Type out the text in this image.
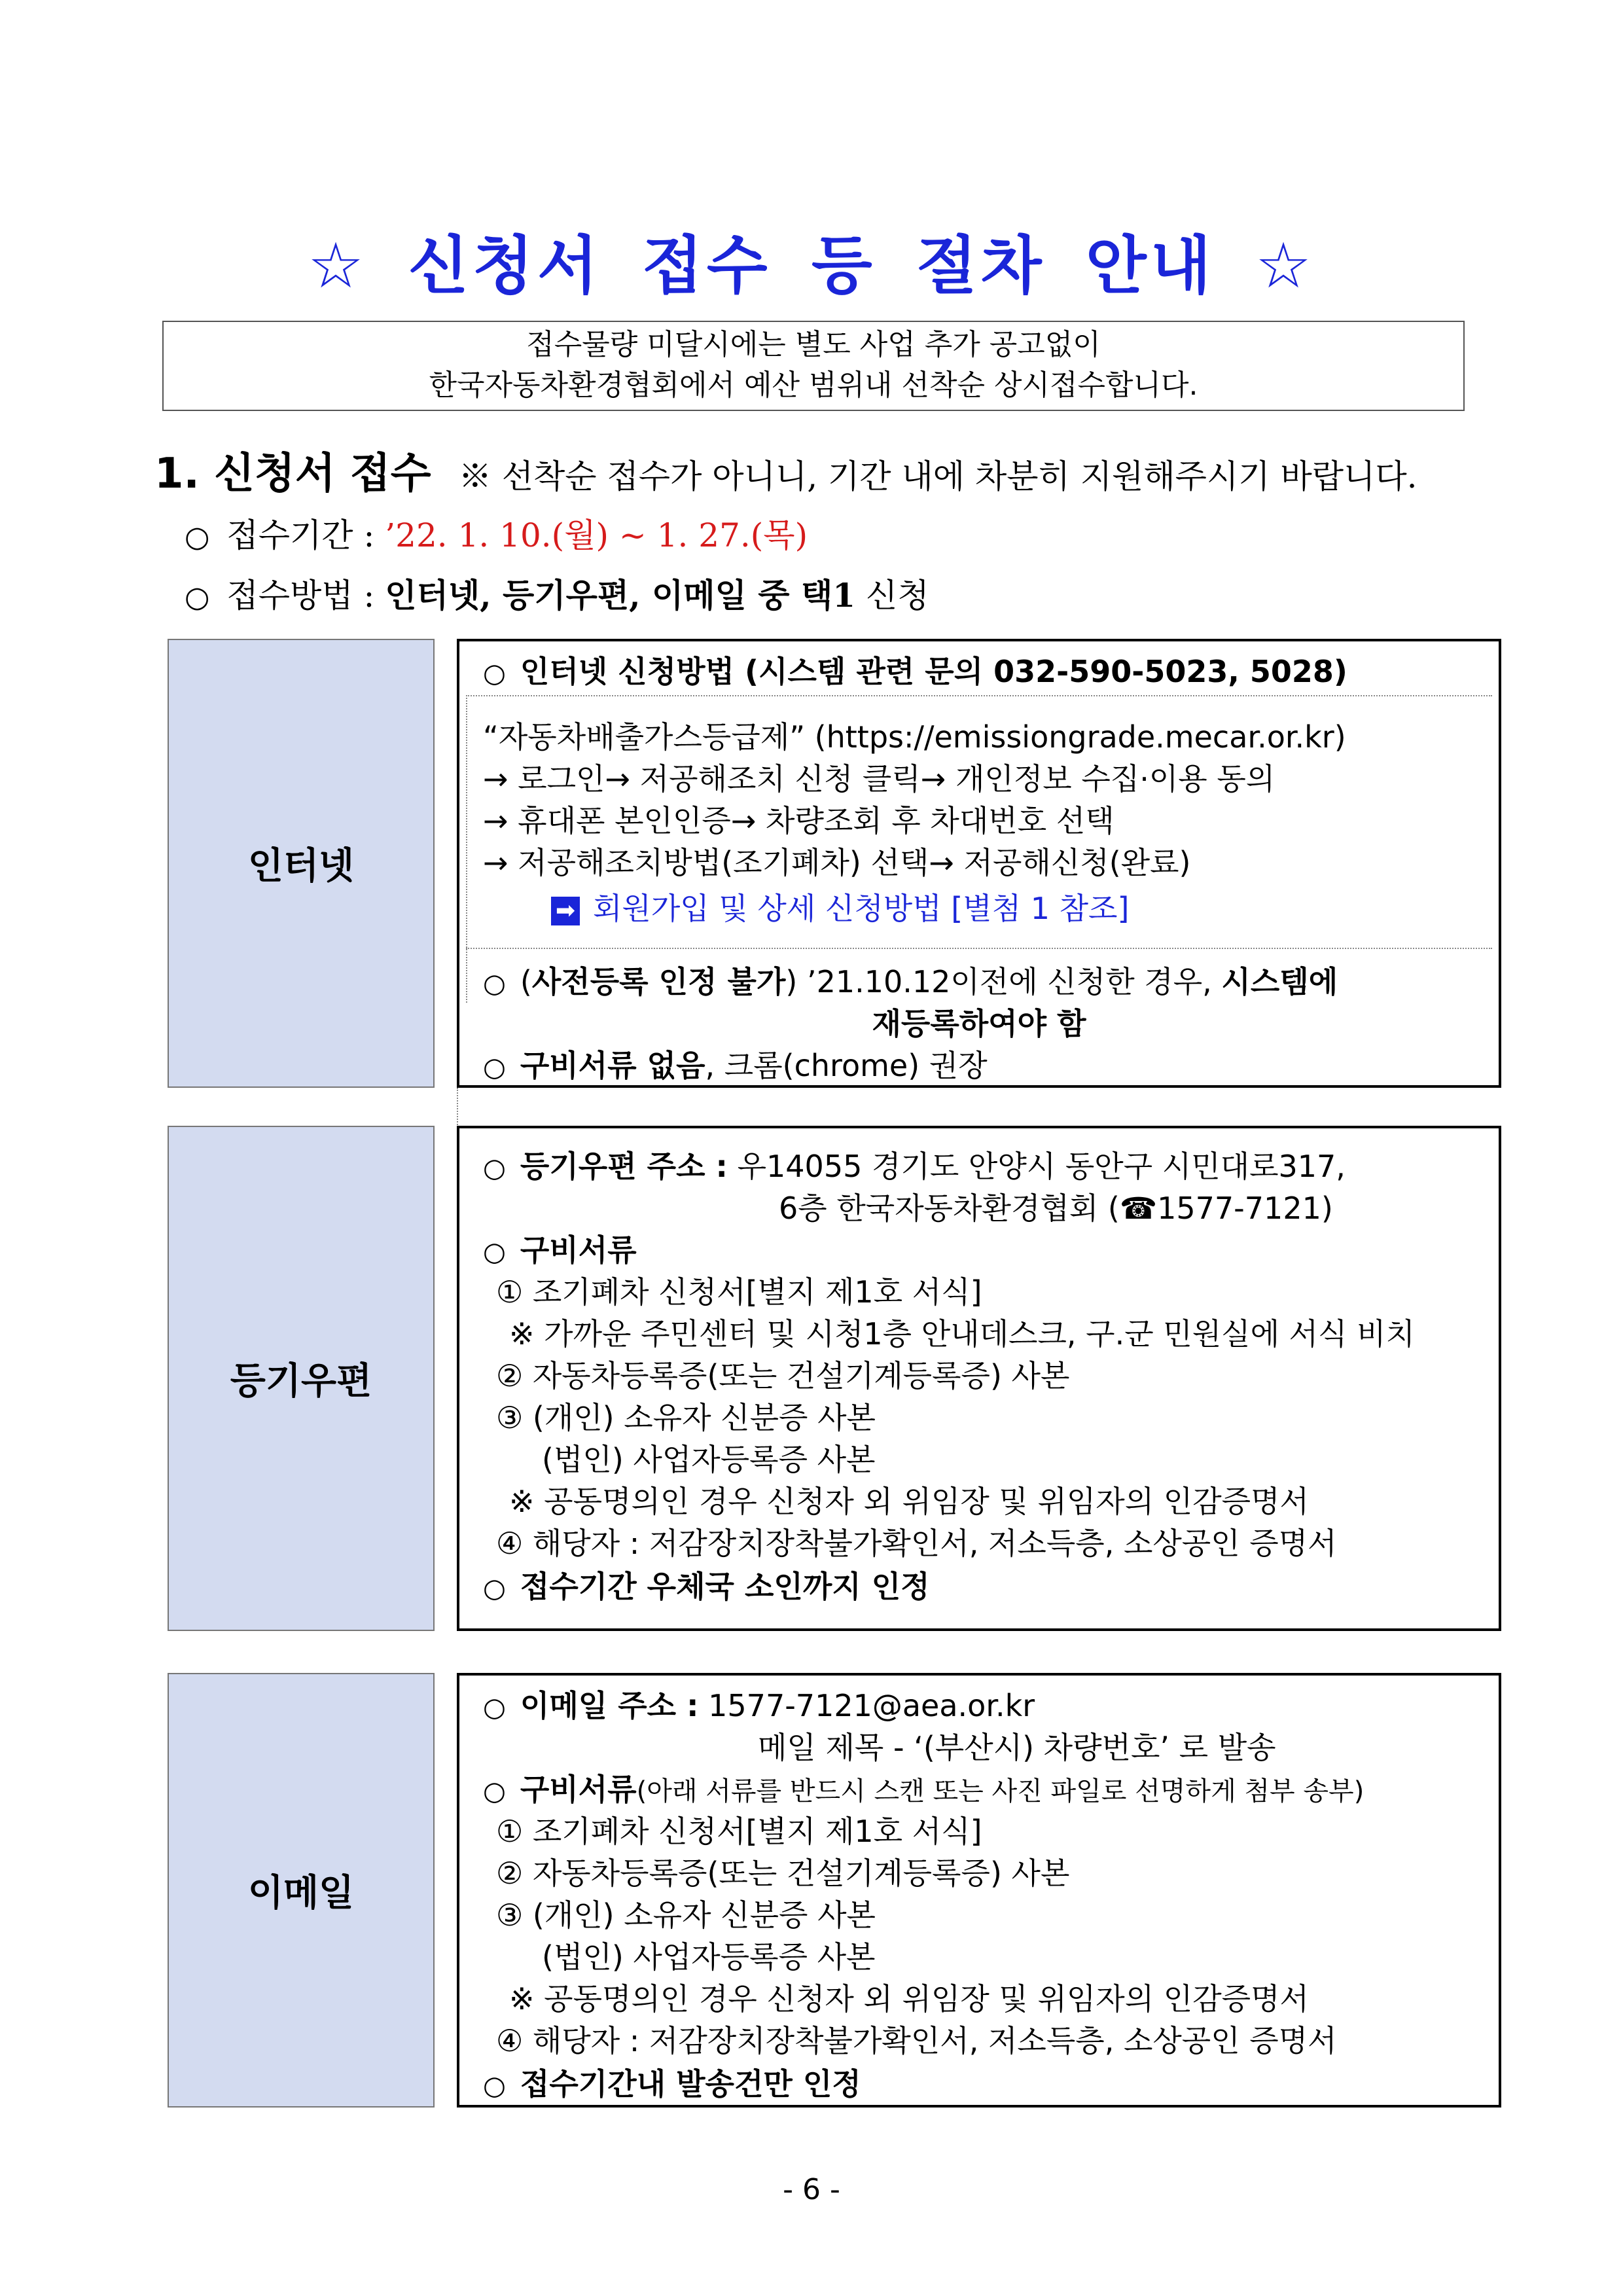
☆ 신청서 접수 등 절차 안내 ☆
접수물량 미달시에는 별도 사업 추가 공고없이
한국자동차환경협회에서 예산 범위내 선착순 상시접수합니다.
1. 신청서 접수 ※ 선착순 접수가 아니니, 기간 내에 차분히 지원해주시기 바랍니다.
○ 접수기간 : ’22. 1. 10.(월) ~ 1. 27.(목)
○ 접수방법 : 인터넷, 등기우편, 이메일 중 택1 신청
인터넷
○ 인터넷 신청방법 (시스템 관련 문의 032-590-5023, 5028)
“자동차배출가스등급제” (https://emissiongrade.mecar.or.kr)
→ 로그인→ 저공해조치 신청 클릭→ 개인정보 수집·이용 동의
→ 휴대폰 본인인증→ 차량조회 후 차대번호 선택
→ 저공해조치방법(조기폐차) 선택→ 저공해신청(완료)
➡ 회원가입 및 상세 신청방법 [별첨 1 참조]
○ (사전등록 인정 불가) ’21.10.12이전에 신청한 경우, 시스템에
재등록하여야 함
○ 구비서류 없음, 크롬(chrome) 권장
등기우편
○ 등기우편 주소 : 우14055 경기도 안양시 동안구 시민대로317,
6층 한국자동차환경협회 (☎1577-7121)
○ 구비서류
① 조기폐차 신청서[별지 제1호 서식]
※ 가까운 주민센터 및 시청1층 안내데스크, 구.군 민원실에 서식 비치
② 자동차등록증(또는 건설기계등록증) 사본
③ (개인) 소유자 신분증 사본
(법인) 사업자등록증 사본
※ 공동명의인 경우 신청자 외 위임장 및 위임자의 인감증명서
④ 해당자 : 저감장치장착불가확인서, 저소득층, 소상공인 증명서
○ 접수기간 우체국 소인까지 인정
이메일
○ 이메일 주소 : 1577-7121@aea.or.kr
메일 제목 - ‘(부산시) 차량번호’ 로 발송
○ 구비서류(아래 서류를 반드시 스캔 또는 사진 파일로 선명하게 첨부 송부)
① 조기폐차 신청서[별지 제1호 서식]
② 자동차등록증(또는 건설기계등록증) 사본
③ (개인) 소유자 신분증 사본
(법인) 사업자등록증 사본
※ 공동명의인 경우 신청자 외 위임장 및 위임자의 인감증명서
④ 해당자 : 저감장치장착불가확인서, 저소득층, 소상공인 증명서
○ 접수기간내 발송건만 인정
- 6 -
